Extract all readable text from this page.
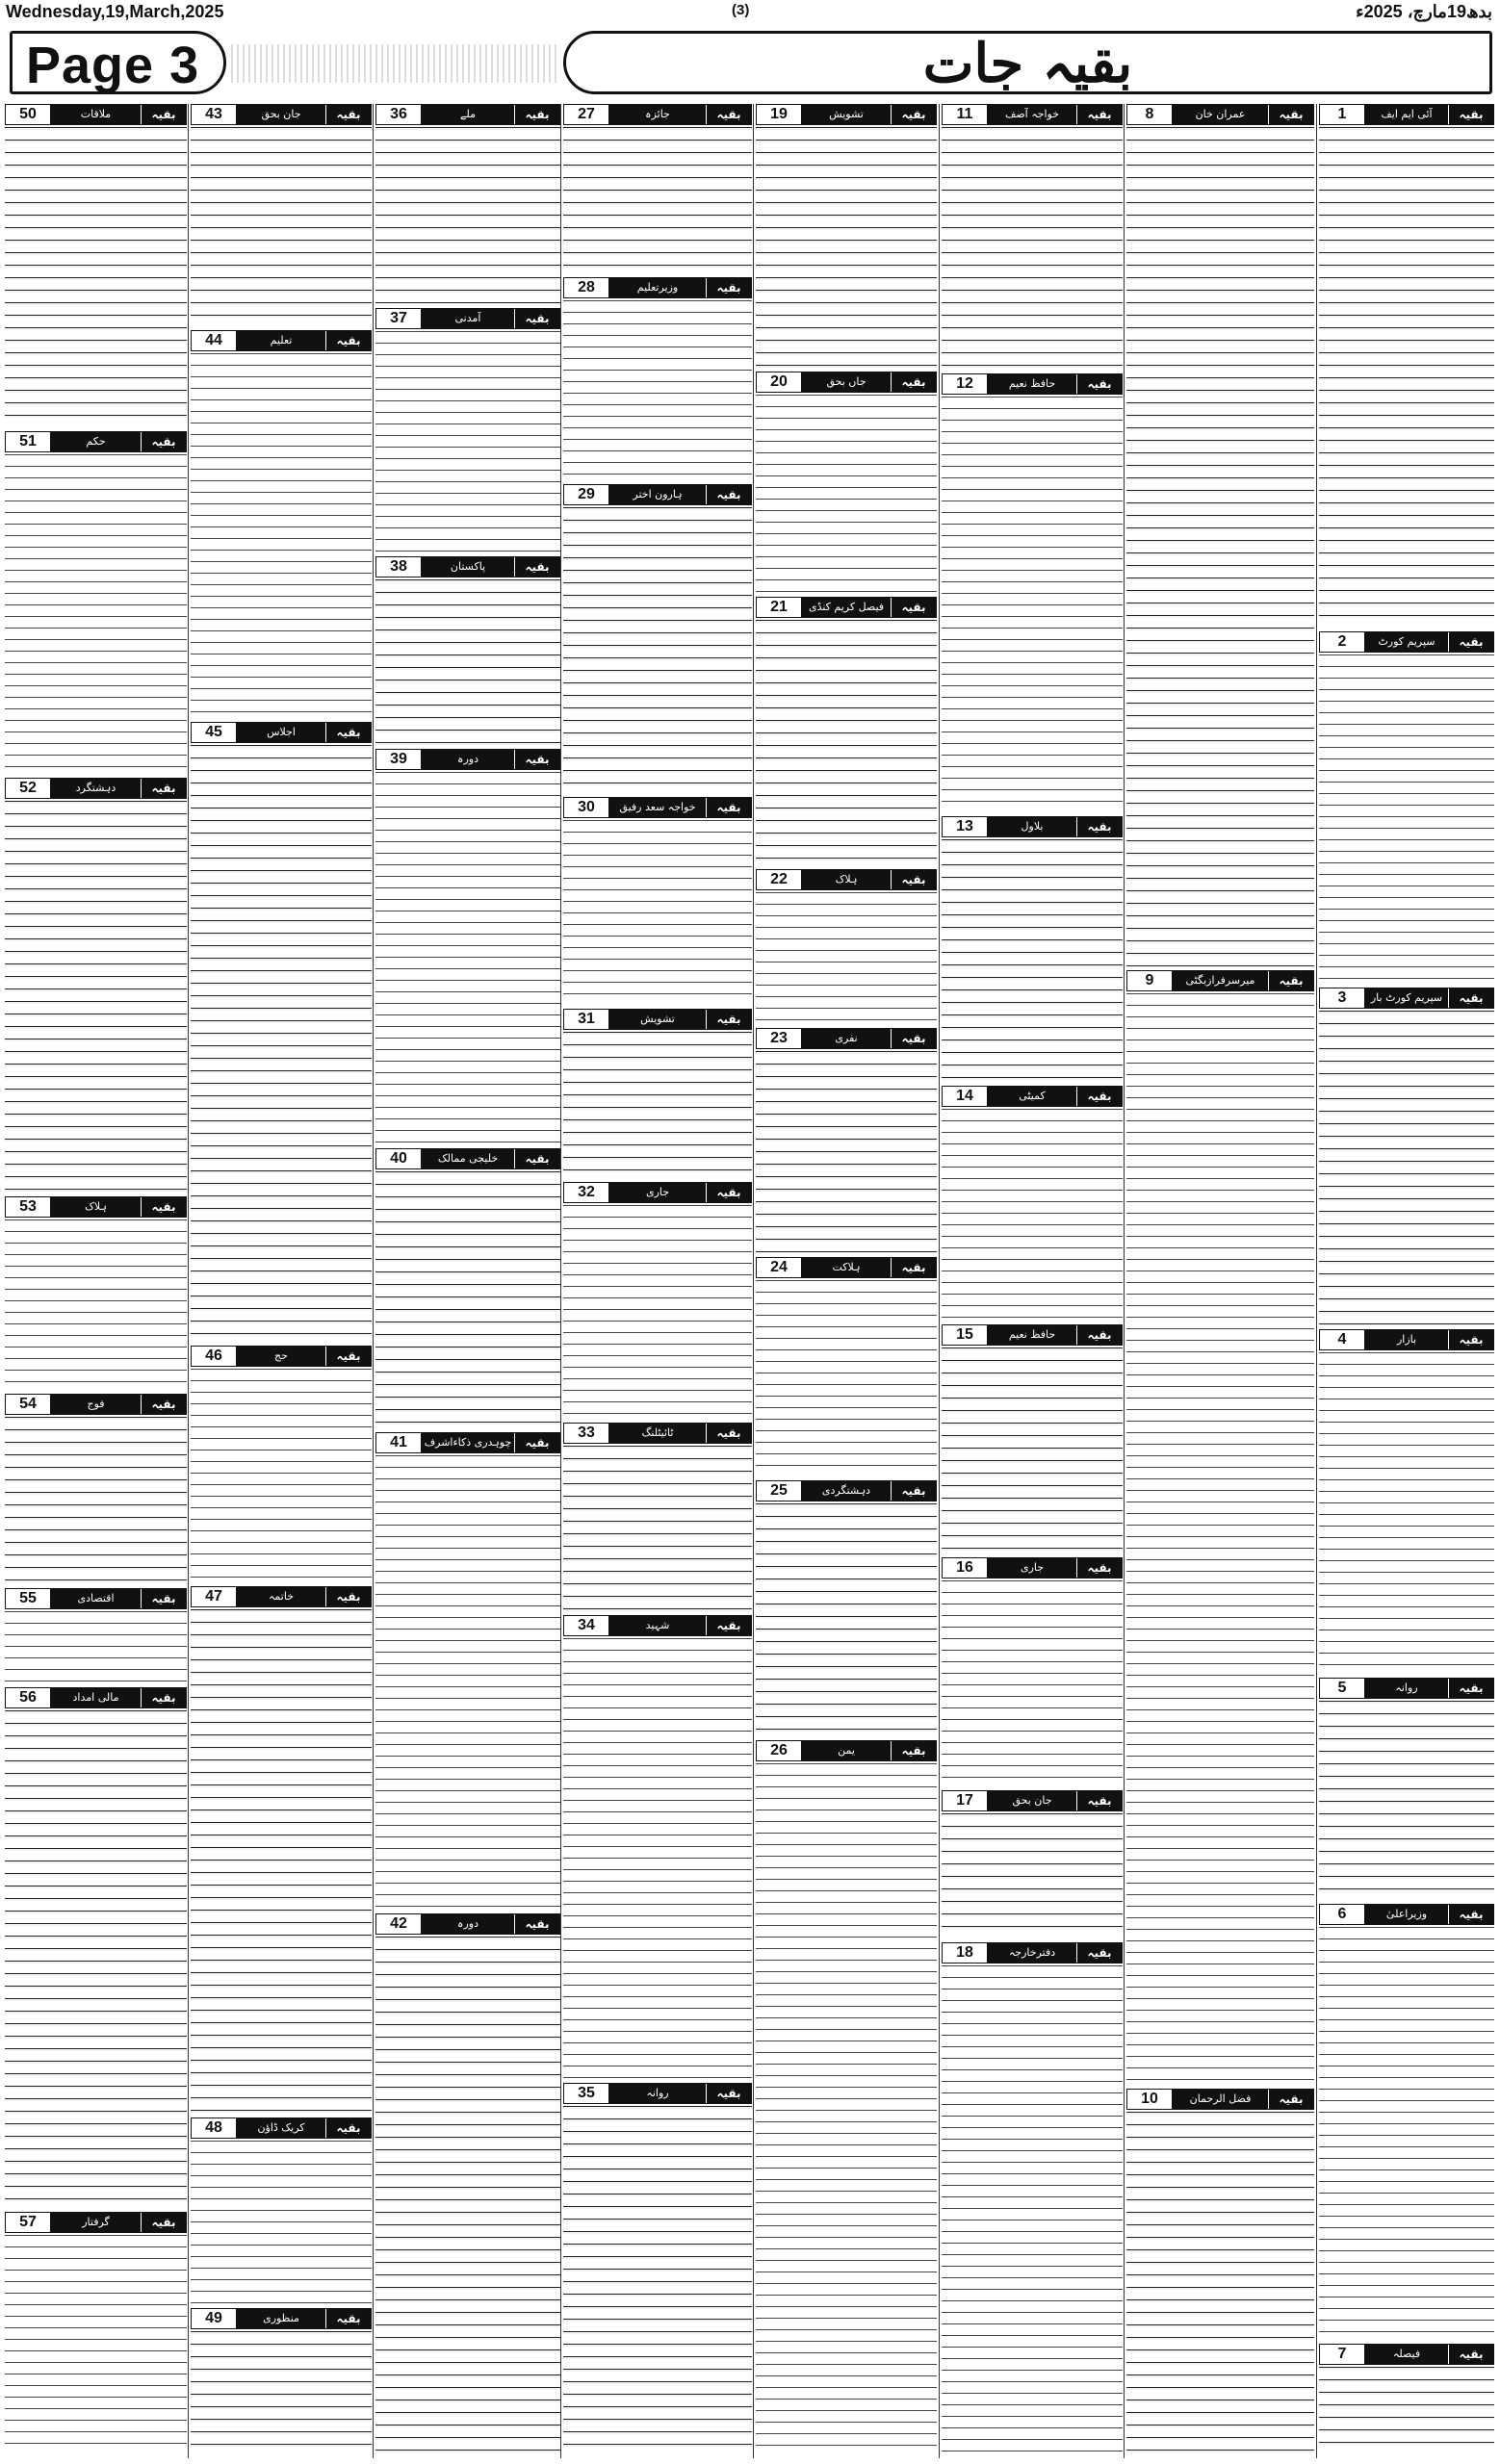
Wednesday,19,March,2025	(3)	بدھ19مارچ، 2025ء
Page 3	بقیہ جات
1	آئی ایم ایف	بقیہ
2	سپریم کورٹ	بقیہ
3	سپریم کورٹ بار	بقیہ
4	بازار	بقیہ
5	روانہ	بقیہ
6	وزیراعلیٰ	بقیہ
7	فیصلہ	بقیہ
8	عمران خان	بقیہ
9	میرسرفرازبگٹی	بقیہ
10	فضل الرحمان	بقیہ
11	خواجہ آصف	بقیہ
12	حافظ نعیم	بقیہ
13	بلاول	بقیہ
14	کمیٹی	بقیہ
15	حافظ نعیم	بقیہ
16	جاری	بقیہ
17	جان بحق	بقیہ
18	دفترخارجہ	بقیہ
19	تشویش	بقیہ
20	جاں بحق	بقیہ
21	فیصل کریم کنڈی	بقیہ
22	ہلاک	بقیہ
23	نفری	بقیہ
24	ہلاکت	بقیہ
25	دہشتگردی	بقیہ
26	یمن	بقیہ
27	جائزہ	بقیہ
28	وزیرتعلیم	بقیہ
29	ہارون اختر	بقیہ
30	خواجہ سعد رفیق	بقیہ
31	تشویش	بقیہ
32	جاری	بقیہ
33	ٹائیٹلنگ	بقیہ
34	شہید	بقیہ
35	روانہ	بقیہ
36	ملے	بقیہ
37	آمدنی	بقیہ
38	پاکستان	بقیہ
39	دورہ	بقیہ
40	خلیجی ممالک	بقیہ
41	چوہدری ذکاءاشرف	بقیہ
42	دورہ	بقیہ
43	جان بحق	بقیہ
44	تعلیم	بقیہ
45	اجلاس	بقیہ
46	حج	بقیہ
47	خاتمہ	بقیہ
48	کریک ڈاؤن	بقیہ
49	منظوری	بقیہ
50	ملاقات	بقیہ
51	حکم	بقیہ
52	دہشتگرد	بقیہ
53	ہلاک	بقیہ
54	فوج	بقیہ
55	اقتصادی	بقیہ
56	مالی امداد	بقیہ
57	گرفتار	بقیہ
